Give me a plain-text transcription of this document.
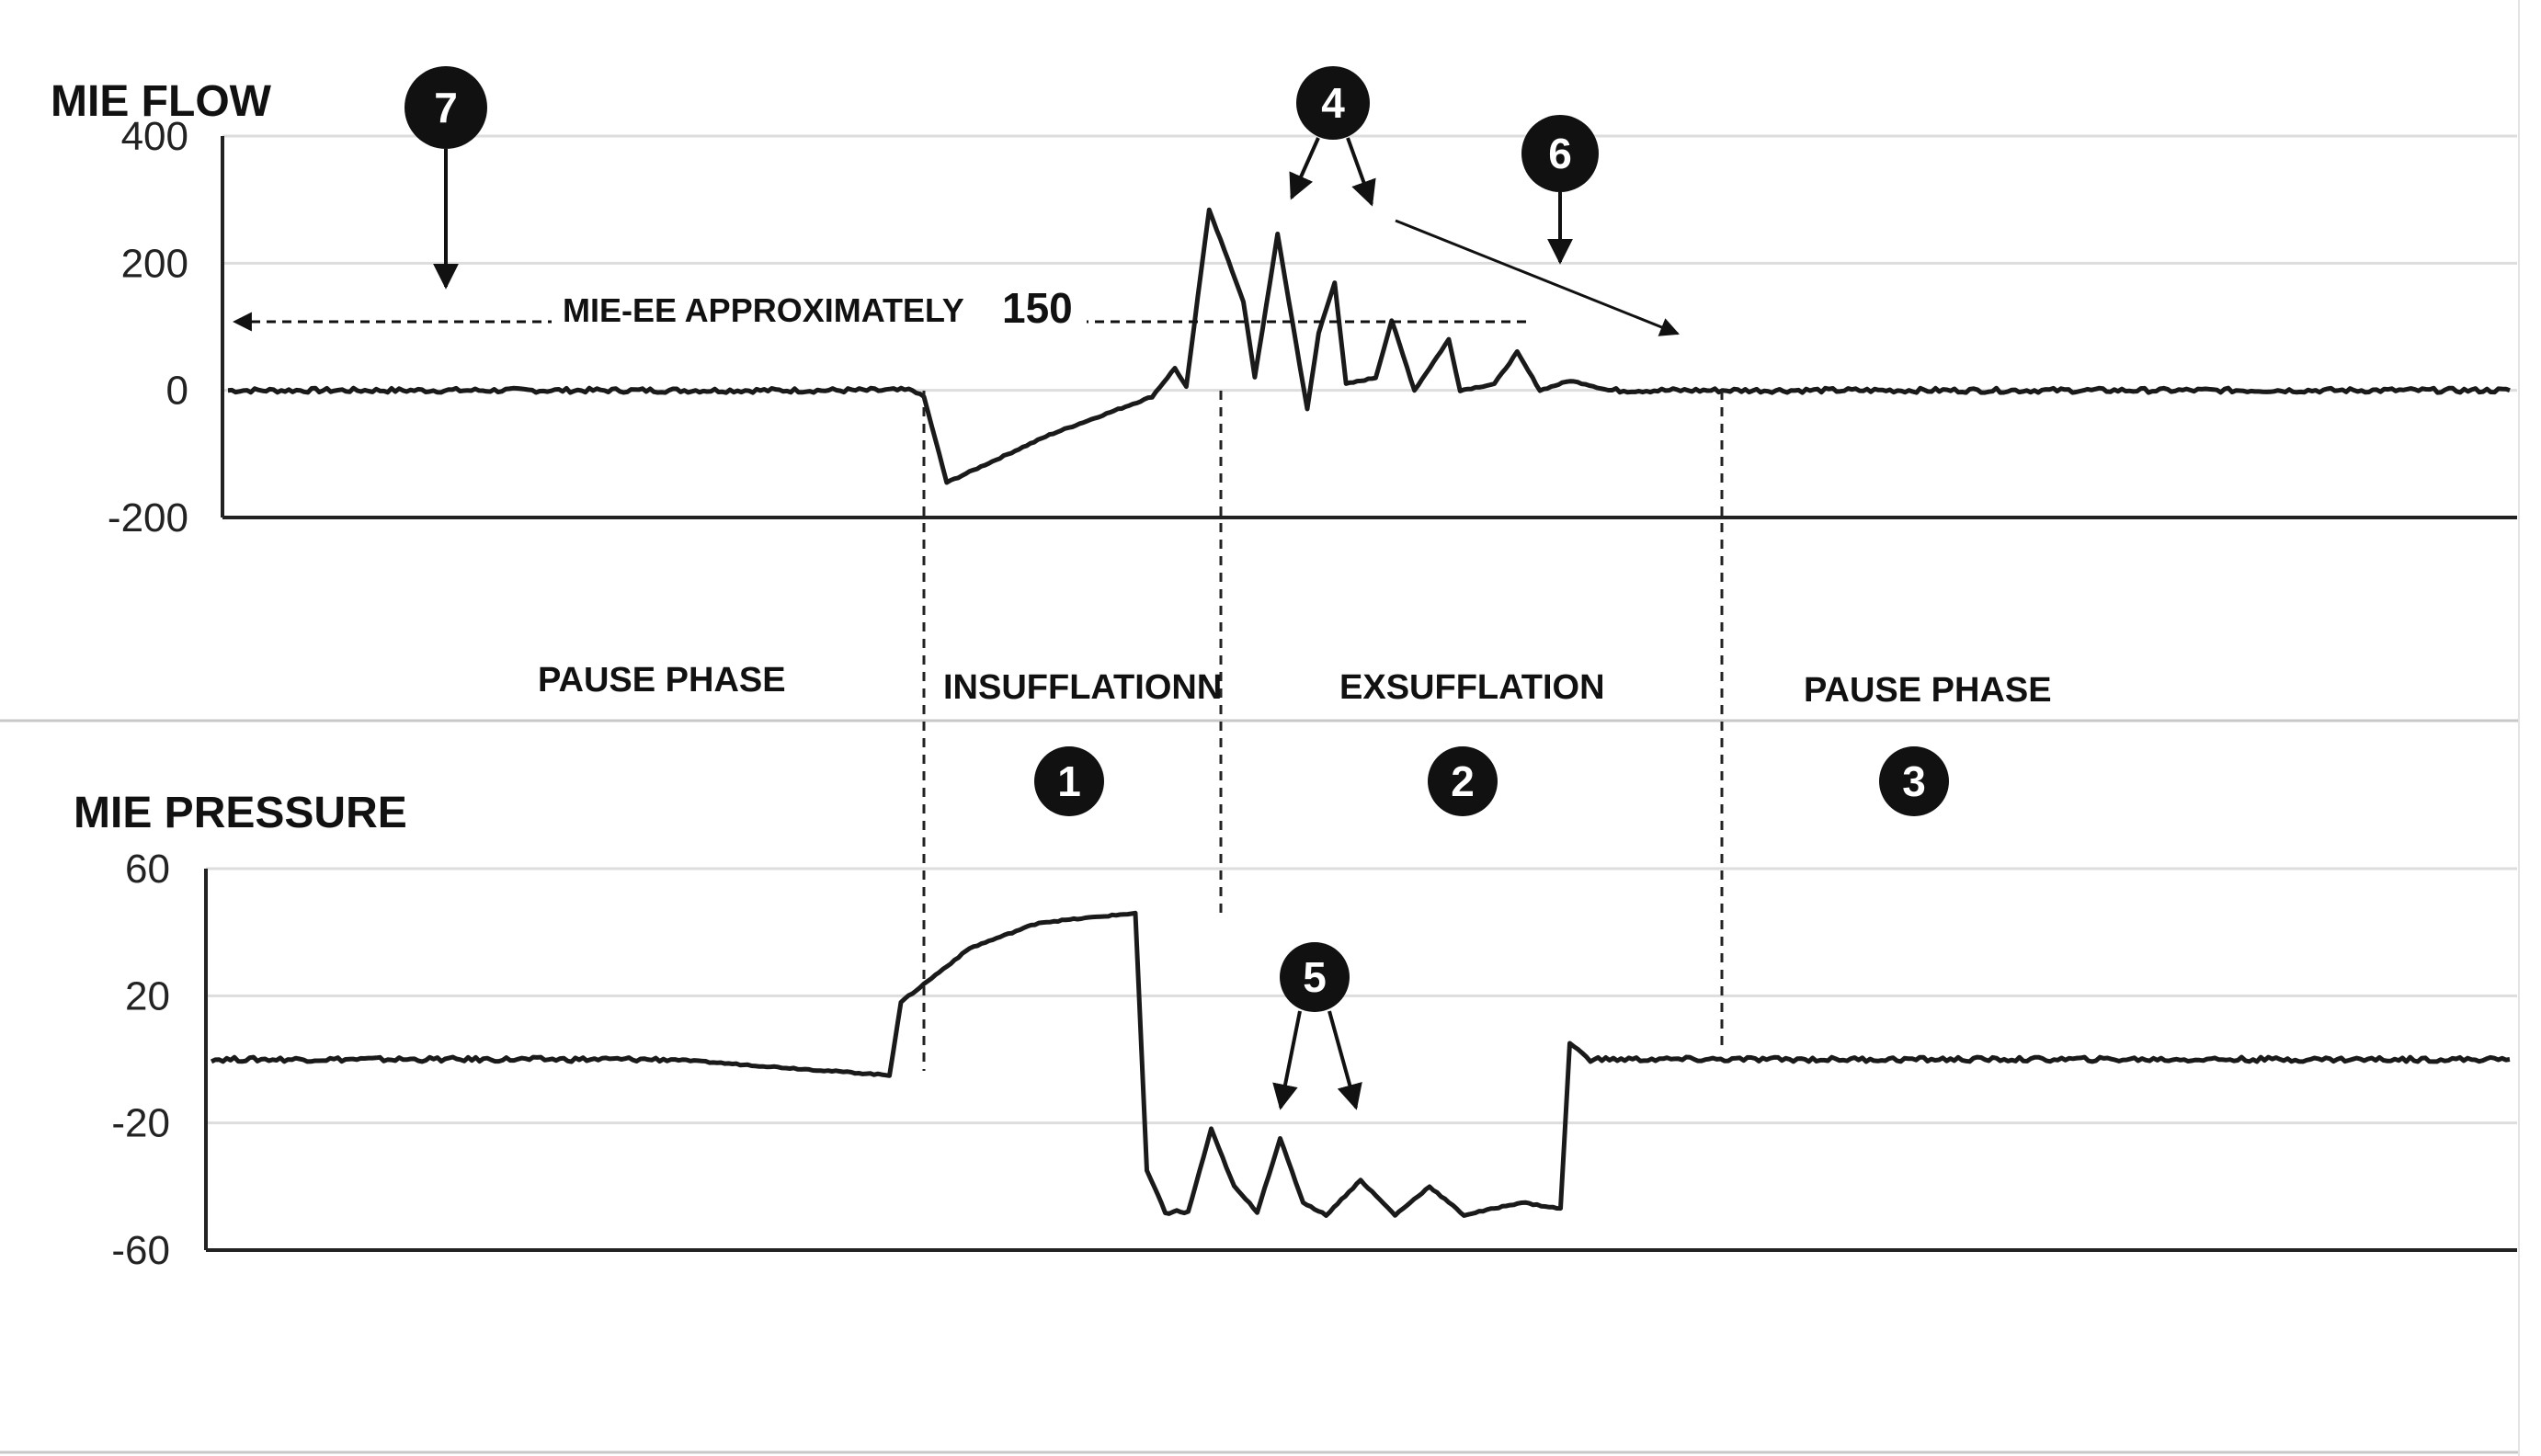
MIE FLOW
400
200
0
-200
MIE PRESSURE
60
20
-20
-60
PAUSE PHASE	INSUFFLATIONN	EXSUFFLATION	PAUSE PHASE
1	2	3
4
5
6
7
MIE-EE APPROXIMATELY 150
